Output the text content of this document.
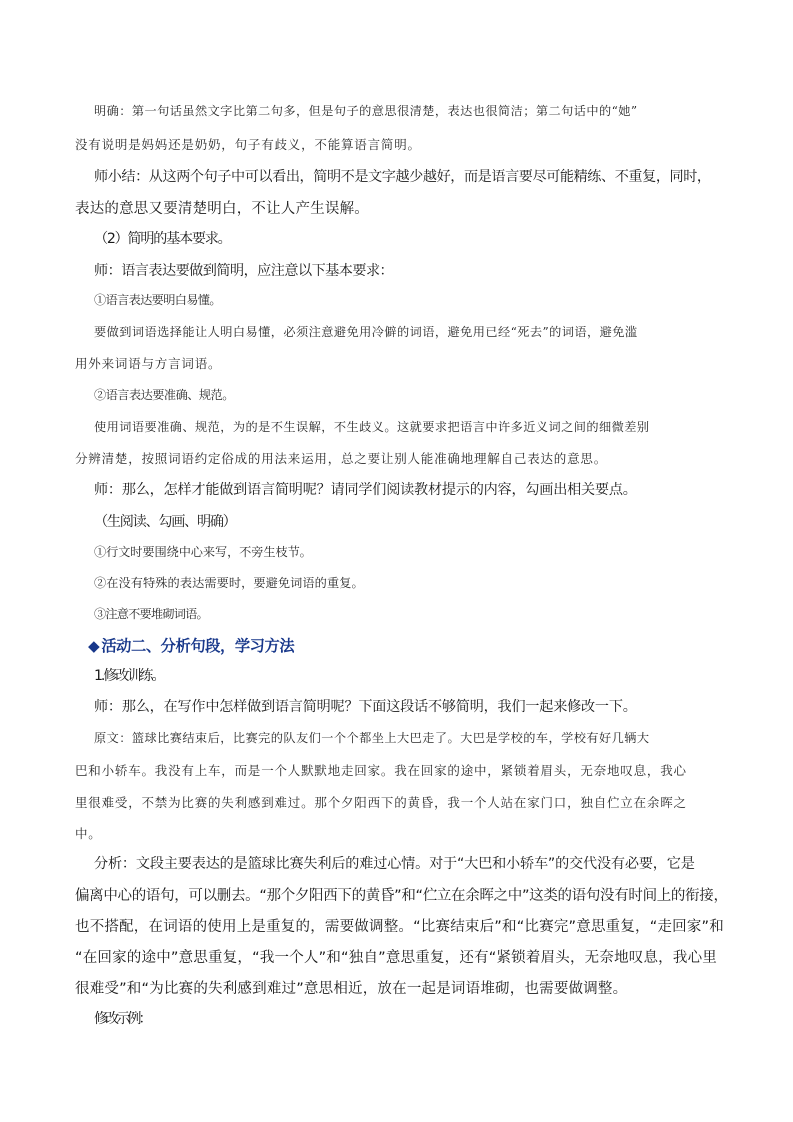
明确：第一句话虽然文字比第二句多，但是句子的意思很清楚，表达也很简洁；第二句话中的“她”

没有说明是妈妈还是奶奶，句子有歧义，不能算语言简明。

师小结：从这两个句子中可以看出，简明不是文字越少越好，而是语言要尽可能精练、不重复，同时，

表达的意思又要清楚明白，不让人产生误解。

（2）简明的基本要求。

师：语言表达要做到简明，应注意以下基本要求：

①语言表达要明白易懂。

要做到词语选择能让人明白易懂，必须注意避免用冷僻的词语，避免用已经“死去”的词语，避免滥

用外来词语与方言词语。

②语言表达要准确、规范。

使用词语要准确、规范，为的是不生误解，不生歧义。这就要求把语言中许多近义词之间的细微差别

分辨清楚，按照词语约定俗成的用法来运用，总之要让别人能准确地理解自己表达的意思。

师：那么，怎样才能做到语言简明呢？请同学们阅读教材提示的内容，勾画出相关要点。

（生阅读、勾画、明确）

①行文时要围绕中心来写，不旁生枝节。

②在没有特殊的表达需要时，要避免词语的重复。

③注意不要堆砌词语。

◆ 活动二、分析句段，学习方法

1.修改训练。

师：那么，在写作中怎样做到语言简明呢？下面这段话不够简明，我们一起来修改一下。

原文：篮球比赛结束后，比赛完的队友们一个个都坐上大巴走了。大巴是学校的车，学校有好几辆大

巴和小轿车。我没有上车，而是一个人默默地走回家。我在回家的途中，紧锁着眉头，无奈地叹息，我心

里很难受，不禁为比赛的失利感到难过。那个夕阳西下的黄昏，我一个人站在家门口，独自伫立在余晖之

中。

分析：文段主要表达的是篮球比赛失利后的难过心情。对于“大巴和小轿车”的交代没有必要，它是

偏离中心的语句，可以删去。“那个夕阳西下的黄昏”和“伫立在余晖之中”这类的语句没有时间上的衔接，

也不搭配，在词语的使用上是重复的，需要做调整。“比赛结束后”和“比赛完”意思重复，“走回家”和

“在回家的途中”意思重复，“我一个人”和“独自”意思重复，还有“紧锁着眉头，无奈地叹息，我心里

很难受”和“为比赛的失利感到难过”意思相近，放在一起是词语堆砌，也需要做调整。

修改示例：
